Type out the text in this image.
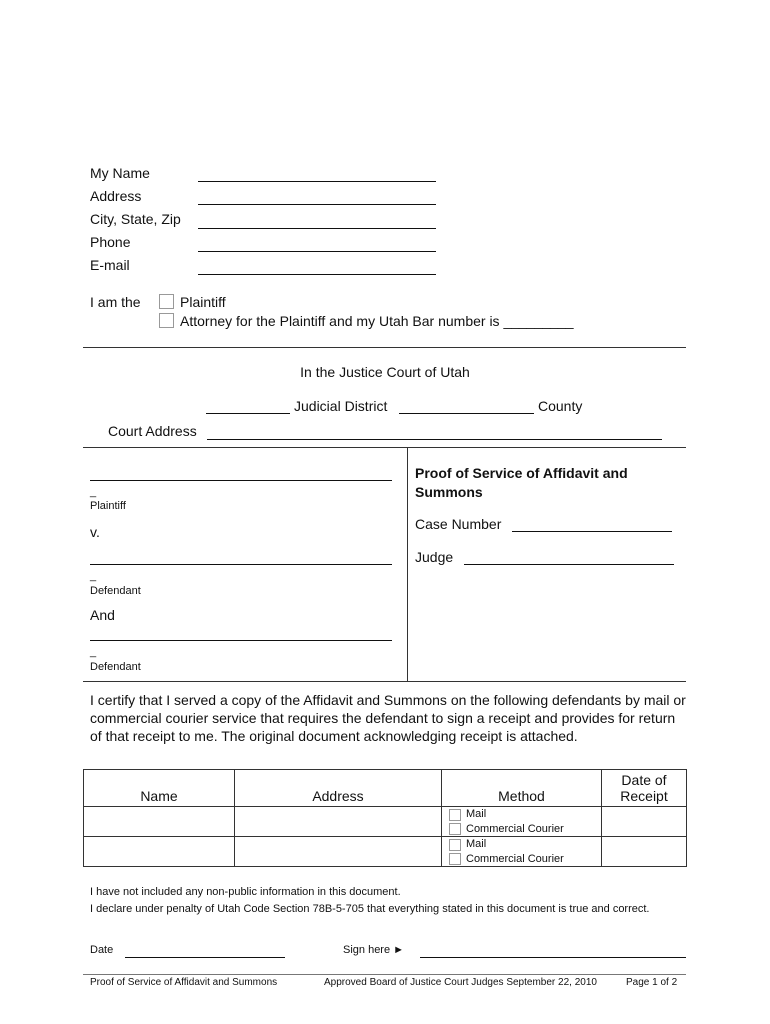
My Name
Address
City, State, Zip
Phone
E-mail
I am the	Plaintiff
Attorney for the Plaintiff and my Utah Bar number is _________
In the Justice Court of Utah
Judicial District	County
Court Address
_
Plaintiff
v.
_
Defendant
And
_
Defendant
Proof of Service of Affidavit and Summons
Case Number
Judge
I certify that I served a copy of the Affidavit and Summons on the following defendants by mail or commercial courier service that requires the defendant to sign a receipt and provides for return of that receipt to me. The original document acknowledging receipt is attached.
Name	Address	Method	Date of Receipt

		Mail
Commercial Courier	

		Mail
Commercial Courier	

I have not included any non-public information in this document.
I declare under penalty of Utah Code Section 78B-5-705 that everything stated in this document is true and correct.
Date	Sign here ►
Proof of Service of Affidavit and Summons	Approved Board of Justice Court Judges September 22, 2010	Page 1 of 2
